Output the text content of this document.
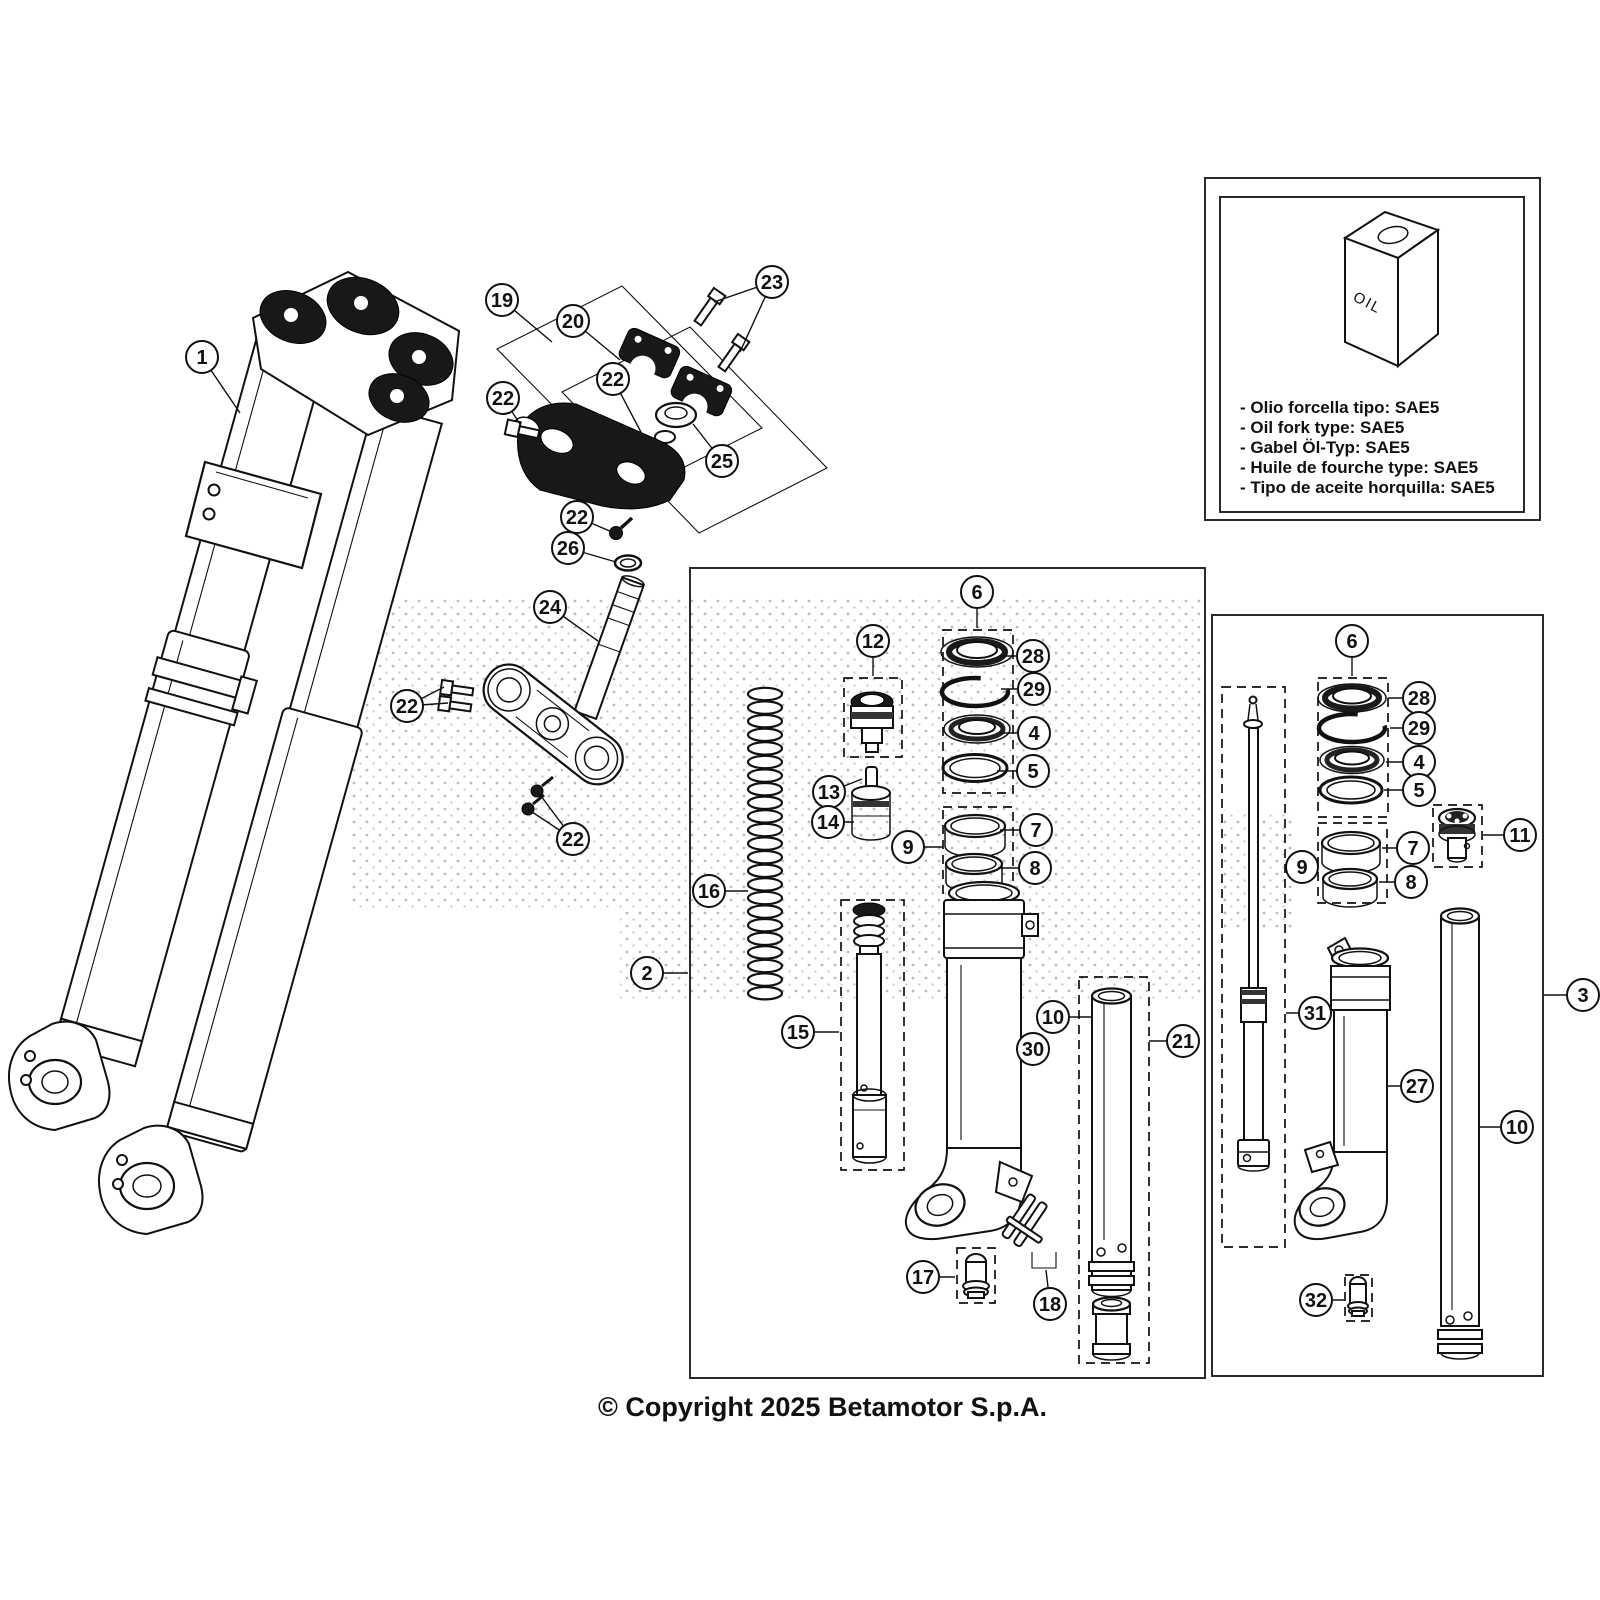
OIL
1
19
20
23
22
22
25
22
26
24
22
22
2
16
12
6
28
29
4
5
13
14
9
7
8
15
30
10
21
17
18
6
28
29
4
5
7
8
9
11
31
27
10
32
3
- Olio forcella tipo: SAE5
- Oil fork type: SAE5
- Gabel Öl-Typ: SAE5
- Huile de fourche type: SAE5
- Tipo de aceite horquilla: SAE5
© Copyright 2025 Betamotor S.p.A.
